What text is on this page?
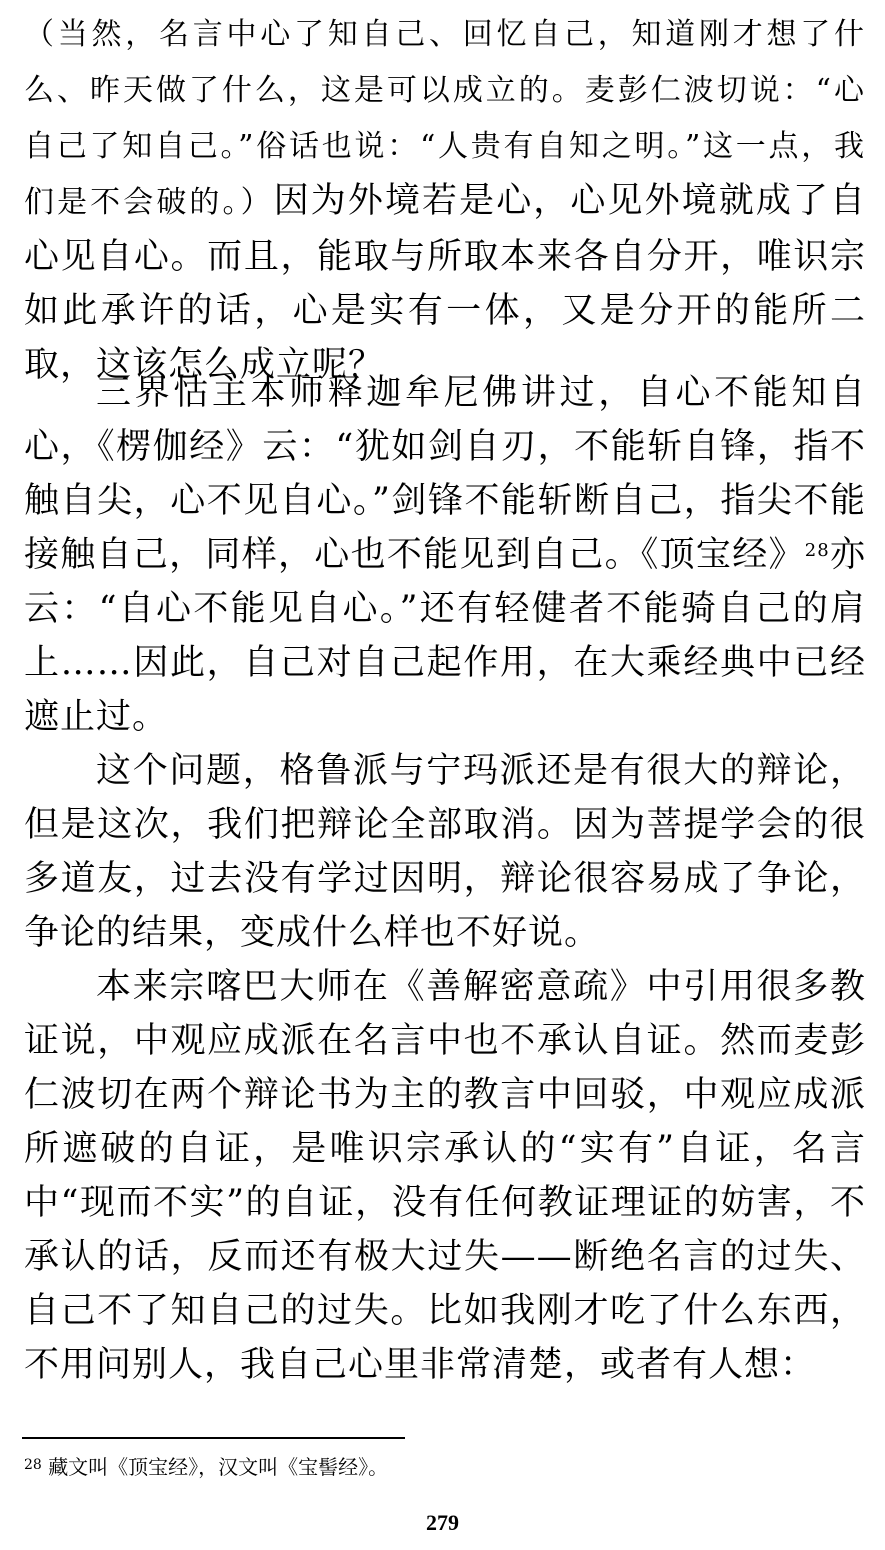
（当然，名言中心了知自己、回忆自己，知道刚才想了什么、昨天做了什么，这是可以成立的。麦彭仁波切说：“心自己了知自己。”俗话也说：“人贵有自知之明。”这一点，我们是不会破的。）因为外境若是心，心见外境就成了自心见自心。而且，能取与所取本来各自分开，唯识宗如此承许的话，心是实有一体，又是分开的能所二取，这该怎么成立呢？

三界怙主本师释迦牟尼佛讲过，自心不能知自心，《楞伽经》云：“犹如剑自刃，不能斩自锋，指不触自尖，心不见自心。”剑锋不能斩断自己，指尖不能接触自己，同样，心也不能见到自己。《顶宝经》$^{28}$亦云：“自心不能见自心。”还有轻健者不能骑自己的肩上……因此，自己对自己起作用，在大乘经典中已经遮止过。

这个问题，格鲁派与宁玛派还是有很大的辩论，但是这次，我们把辩论全部取消。因为菩提学会的很多道友，过去没有学过因明，辩论很容易成了争论，争论的结果，变成什么样也不好说。

本来宗喀巴大师在《善解密意疏》中引用很多教证说，中观应成派在名言中也不承认自证。然而麦彭仁波切在两个辩论书为主的教言中回驳，中观应成派所遮破的自证，是唯识宗承认的“实有”自证，名言中“现而不实”的自证，没有任何教证理证的妨害，不承认的话，反而还有极大过失——断绝名言的过失、自己不了知自己的过失。比如我刚才吃了什么东西，不用问别人，我自己心里非常清楚，或者有人想：

$^{28}$ 藏文叫《顶宝经》，汉文叫《宝髻经》。
279
